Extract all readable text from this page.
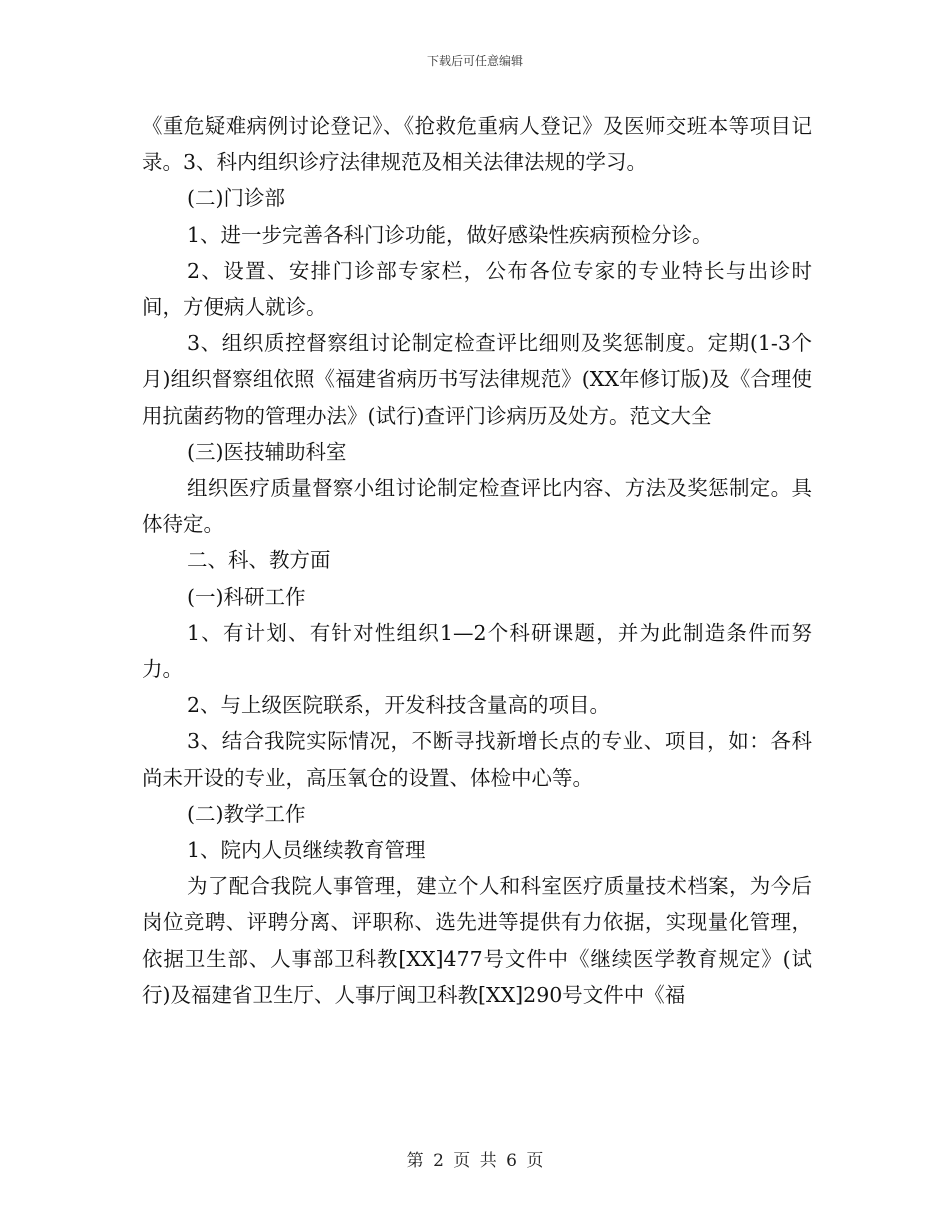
下载后可任意编辑

《重危疑难病例讨论登记》、《抢救危重病人登记》及医师交班本等项目记录。3、科内组织诊疗法律规范及相关法律法规的学习。

(二)门诊部

1、进一步完善各科门诊功能，做好感染性疾病预检分诊。

2、设置、安排门诊部专家栏，公布各位专家的专业特长与出诊时间，方便病人就诊。

3、组织质控督察组讨论制定检查评比细则及奖惩制度。定期(1-3个月)组织督察组依照《福建省病历书写法律规范》(XX年修订版)及《合理使用抗菌药物的管理办法》(试行)查评门诊病历及处方。范文大全

(三)医技辅助科室

组织医疗质量督察小组讨论制定检查评比内容、方法及奖惩制定。具体待定。

二、科、教方面

(一)科研工作

1、有计划、有针对性组织1—2个科研课题，并为此制造条件而努力。

2、与上级医院联系，开发科技含量高的项目。

3、结合我院实际情况，不断寻找新增长点的专业、项目，如：各科尚未开设的专业，高压氧仓的设置、体检中心等。

(二)教学工作

1、院内人员继续教育管理

为了配合我院人事管理，建立个人和科室医疗质量技术档案，为今后岗位竞聘、评聘分离、评职称、选先进等提供有力依据，实现量化管理，依据卫生部、人事部卫科教[XX]477号文件中《继续医学教育规定》(试行)及福建省卫生厅、人事厅闽卫科教[XX]290号文件中《福

第 2 页 共 6 页
